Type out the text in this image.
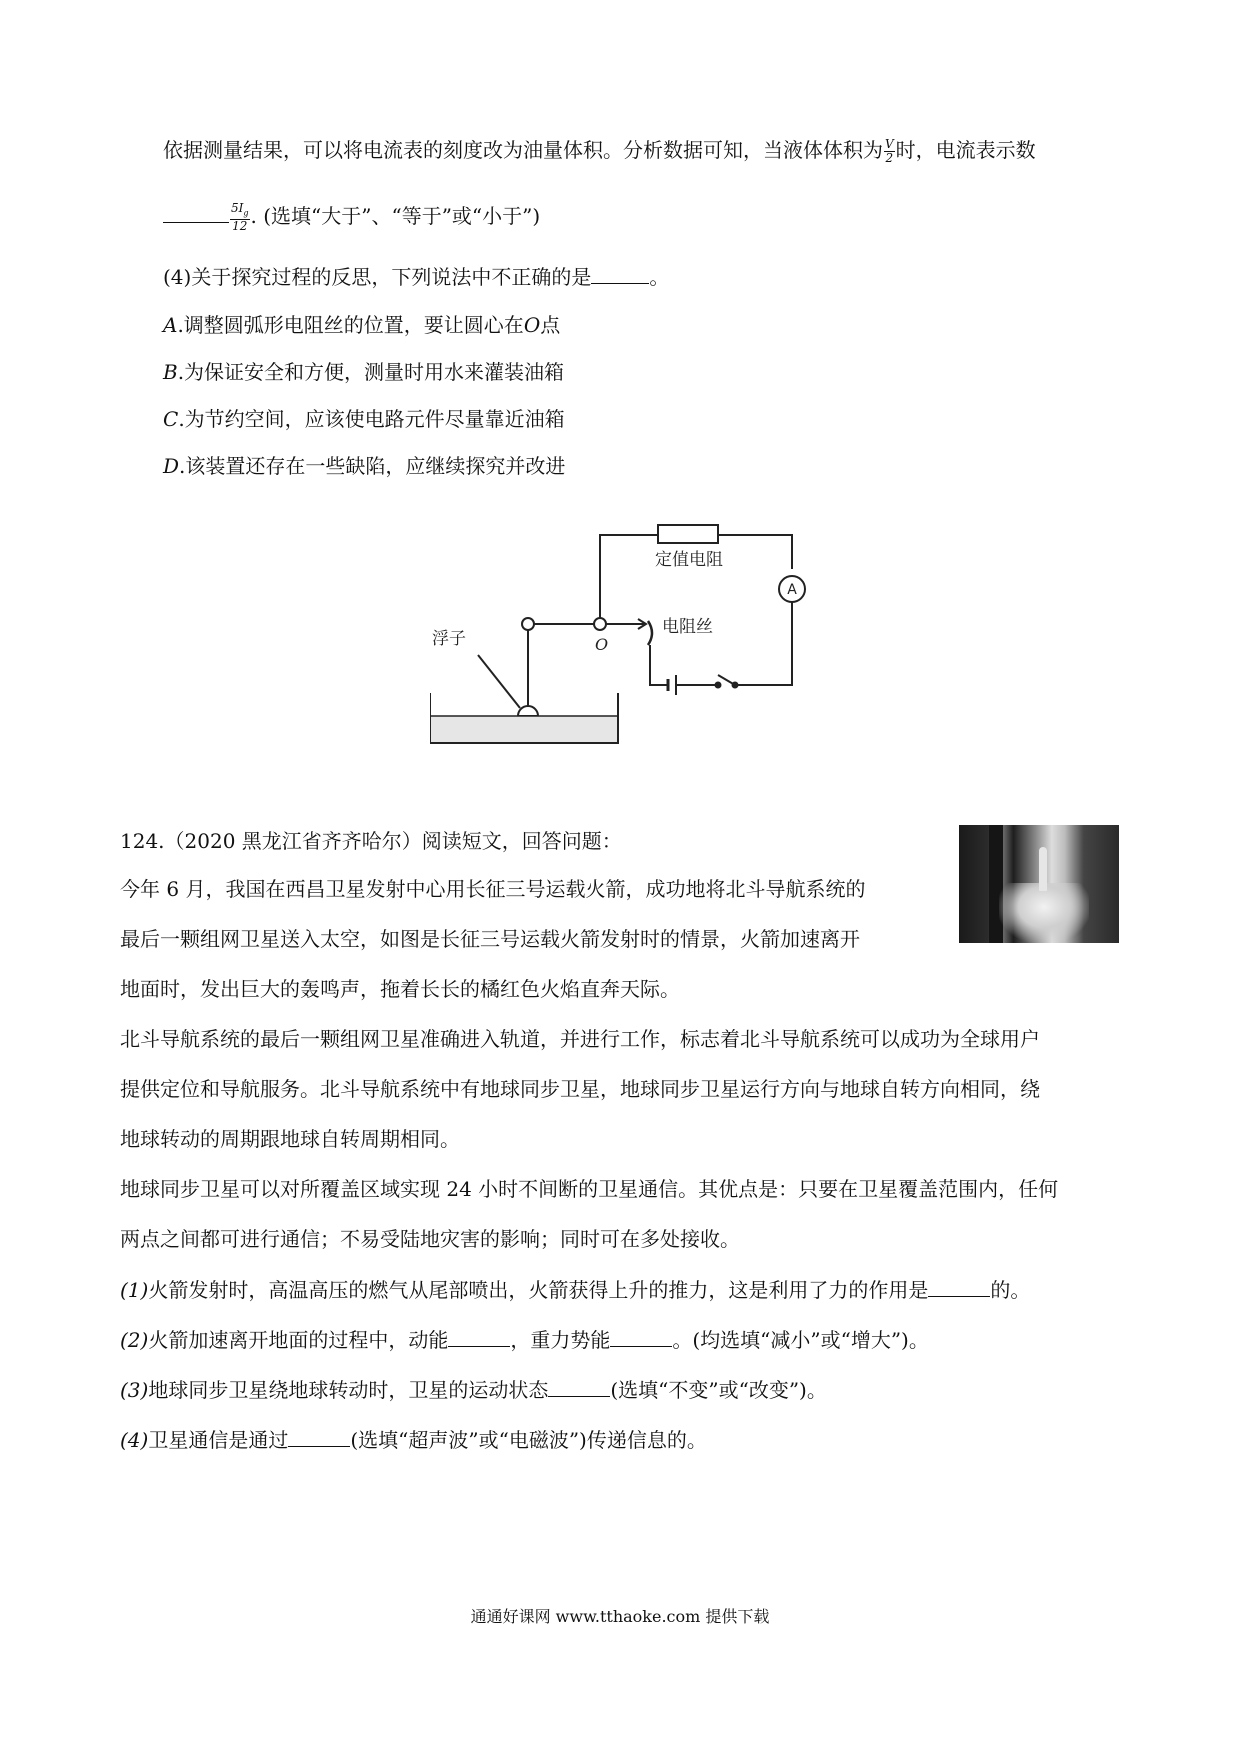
依据测量结果，可以将电流表的刻度改为油量体积。分析数据可知，当液体体积为 $\frac{V}{2}$ 时，电流表示数
$\frac{5I_g}{12}$ . (选填“大于”、“等于”或“小于”)
(4)关于探究过程的反思，下列说法中不正确的是	。
A.调整圆弧形电阻丝的位置，要让圆心在O点
B.为保证安全和方便，测量时用水来灌装油箱
C.为节约空间，应该使电路元件尽量靠近油箱
D.该装置还存在一些缺陷，应继续探究并改进
A
定值电阻
浮子	O
电阻丝
124.（2020 黑龙江省齐齐哈尔）阅读短文，回答问题：
今年 6 月，我国在西昌卫星发射中心用长征三号运载火箭，成功地将北斗导航系统的
最后一颗组网卫星送入太空，如图是长征三号运载火箭发射时的情景，火箭加速离开
地面时，发出巨大的轰鸣声，拖着长长的橘红色火焰直奔天际。
北斗导航系统的最后一颗组网卫星准确进入轨道，并进行工作，标志着北斗导航系统可以成功为全球用户
提供定位和导航服务。北斗导航系统中有地球同步卫星，地球同步卫星运行方向与地球自转方向相同，绕
地球转动的周期跟地球自转周期相同。
地球同步卫星可以对所覆盖区域实现 24 小时不间断的卫星通信。其优点是：只要在卫星覆盖范围内，任何
两点之间都可进行通信；不易受陆地灾害的影响；同时可在多处接收。
(1)火箭发射时，高温高压的燃气从尾部喷出，火箭获得上升的推力，这是利用了力的作用是	的。
(2)火箭加速离开地面的过程中，动能	，重力势能	。(均选填“减小”或“增大”)。
(3)地球同步卫星绕地球转动时，卫星的运动状态	(选填“不变”或“改变”)。
(4)卫星通信是通过	(选填“超声波”或“电磁波”)传递信息的。
通通好课网 www.tthaoke.com 提供下载
